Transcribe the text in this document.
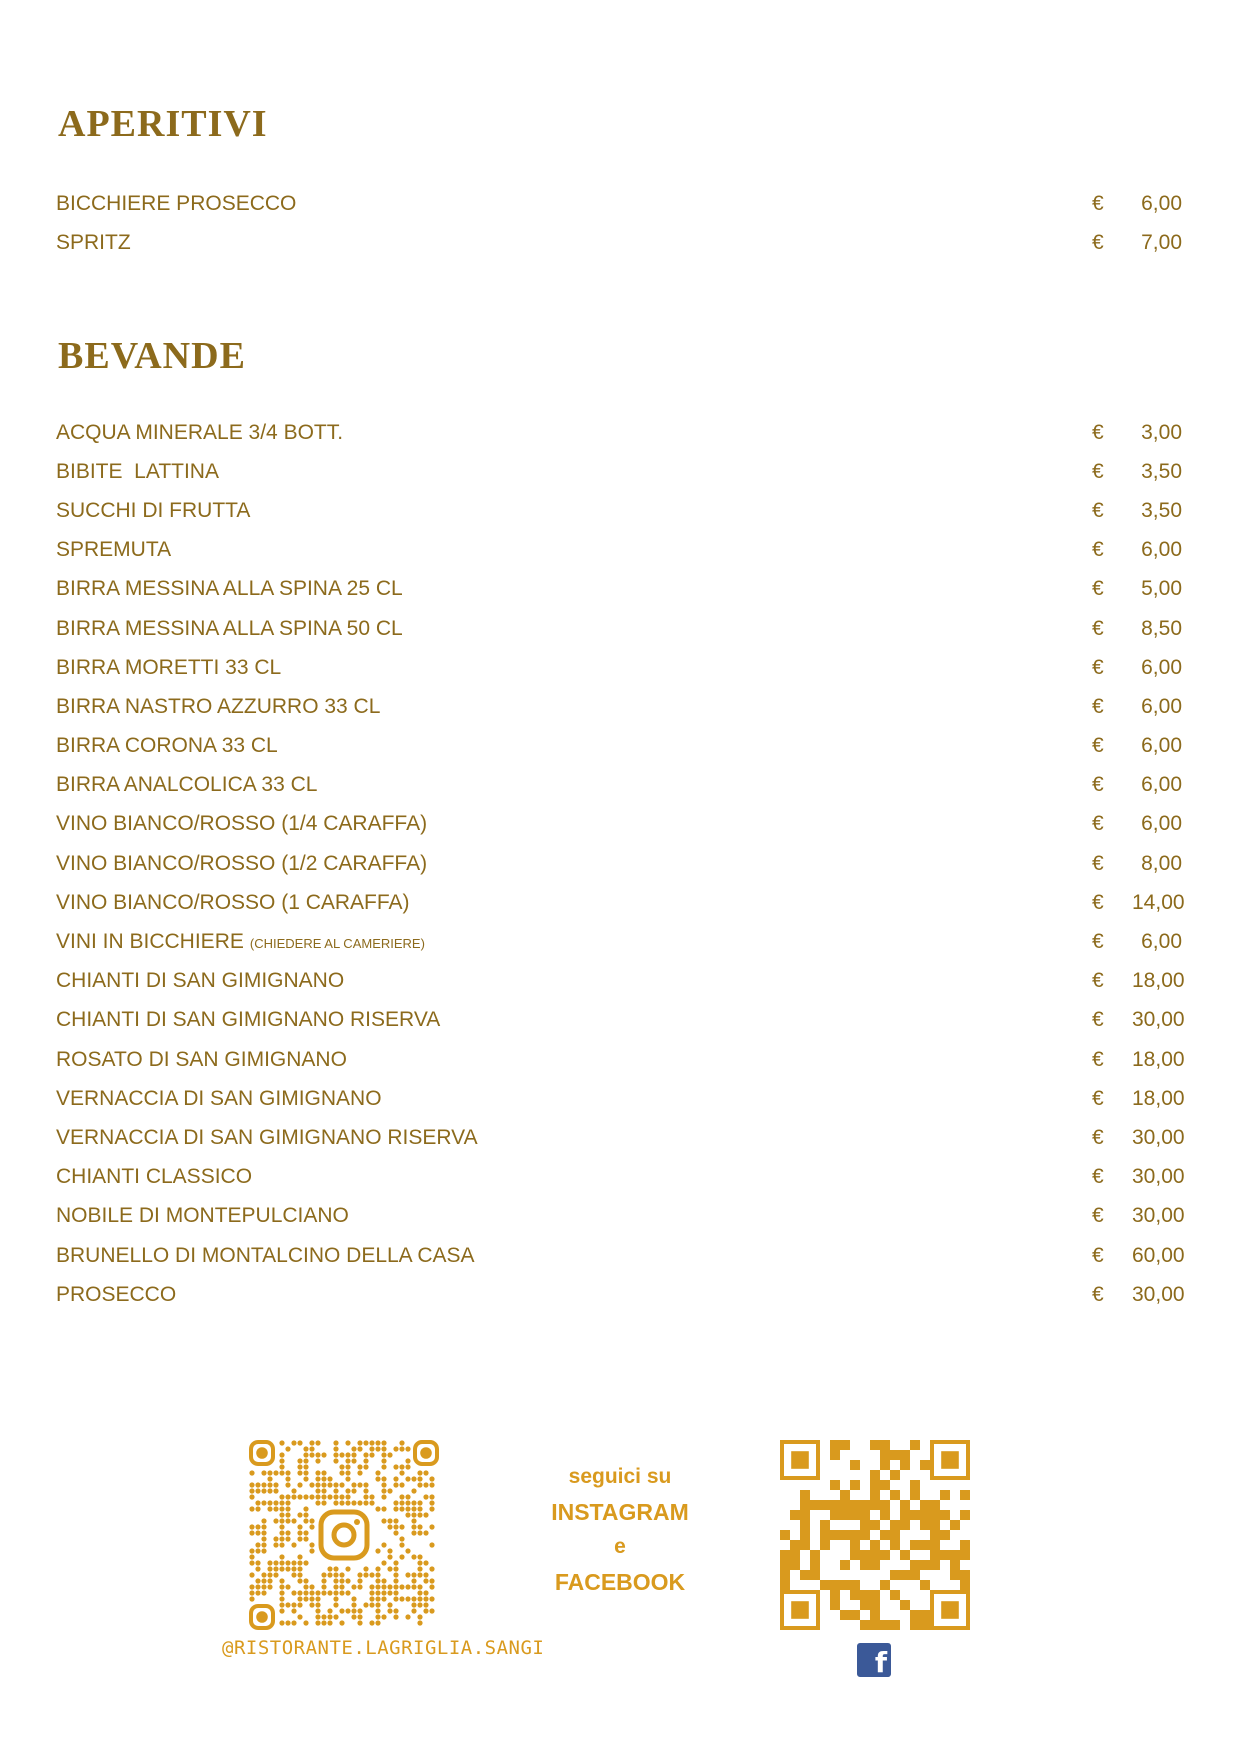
APERITIVI
BICCHIERE PROSECCO	€	6,00
SPRITZ	€	7,00
BEVANDE
ACQUA MINERALE 3/4 BOTT.	€	3,00
BIBITE  LATTINA	€	3,50
SUCCHI DI FRUTTA	€	3,50
SPREMUTA	€	6,00
BIRRA MESSINA ALLA SPINA 25 CL	€	5,00
BIRRA MESSINA ALLA SPINA 50 CL	€	8,50
BIRRA MORETTI 33 CL	€	6,00
BIRRA NASTRO AZZURRO 33 CL	€	6,00
BIRRA CORONA 33 CL	€	6,00
BIRRA ANALCOLICA 33 CL	€	6,00
VINO BIANCO/ROSSO (1/4 CARAFFA)	€	6,00
VINO BIANCO/ROSSO (1/2 CARAFFA)	€	8,00
VINO BIANCO/ROSSO (1 CARAFFA)	€	14,00
VINI IN BICCHIERE (CHIEDERE AL CAMERIERE)	€	6,00
CHIANTI DI SAN GIMIGNANO	€	18,00
CHIANTI DI SAN GIMIGNANO RISERVA	€	30,00
ROSATO DI SAN GIMIGNANO	€	18,00
VERNACCIA DI SAN GIMIGNANO	€	18,00
VERNACCIA DI SAN GIMIGNANO RISERVA	€	30,00
CHIANTI CLASSICO	€	30,00
NOBILE DI MONTEPULCIANO	€	30,00
BRUNELLO DI MONTALCINO DELLA CASA	€	60,00
PROSECCO	€	30,00
@RISTORANTE.LAGRIGLIA.SANGI
seguici su
INSTAGRAM
e
FACEBOOK
f
